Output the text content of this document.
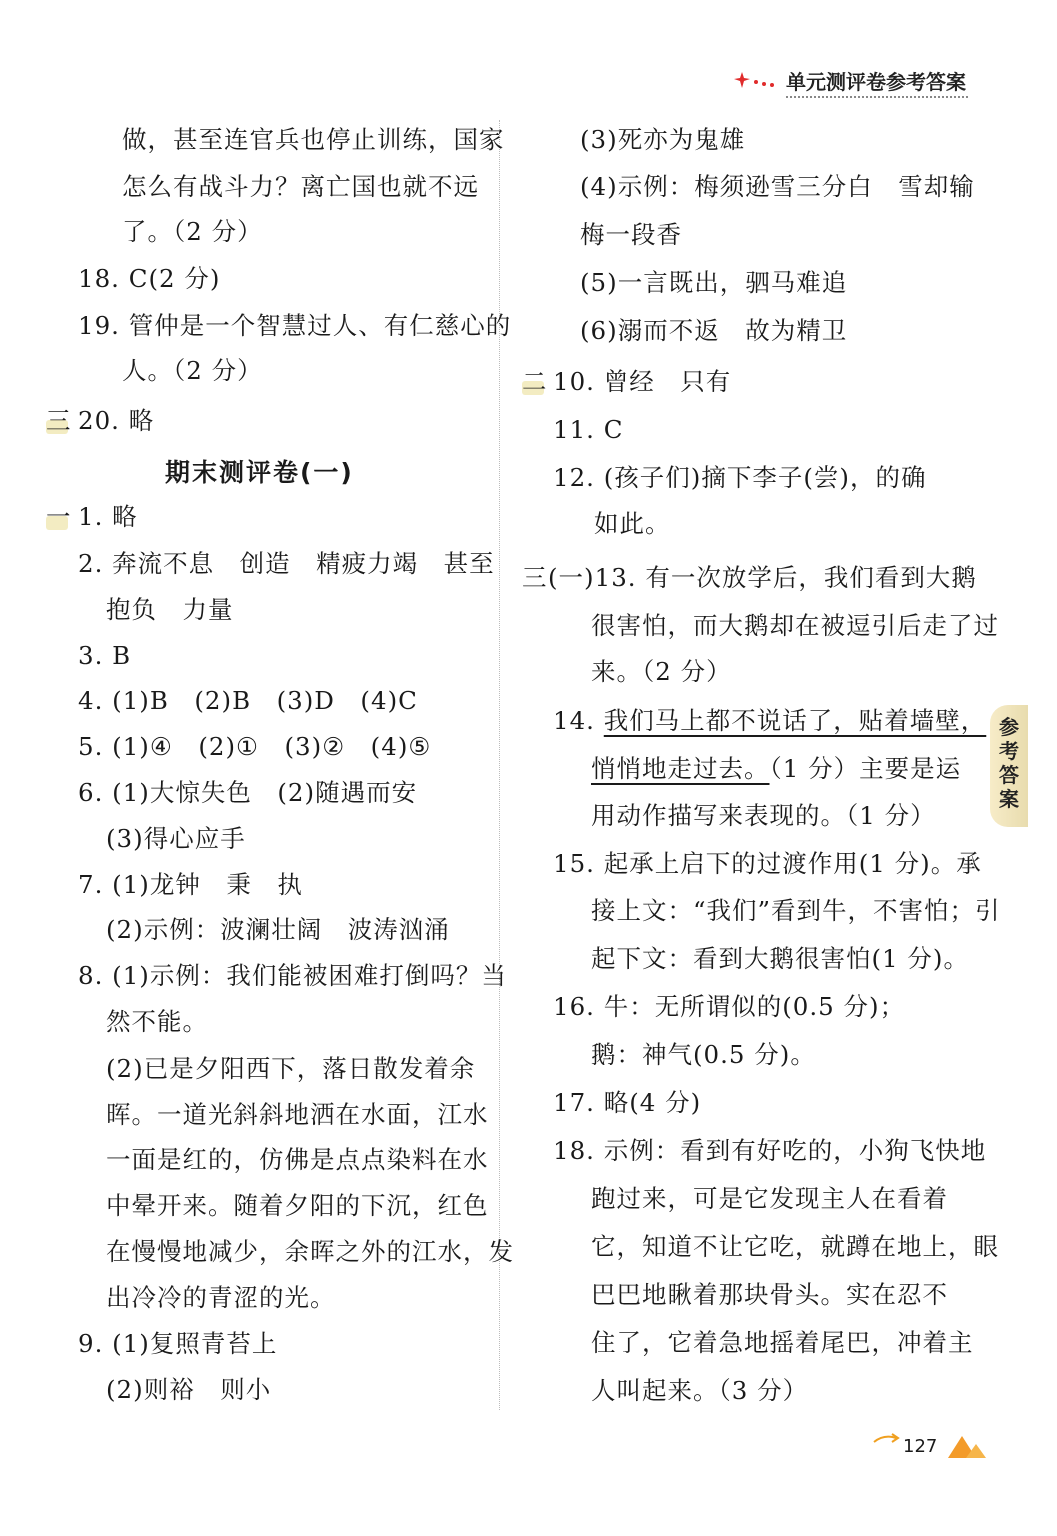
单元测评卷参考答案
做，甚至连官兵也停止训练，国家
怎么有战斗力？离亡国也就不远
了。（2 分）
18. C(2 分)
19. 管仲是一个智慧过人、有仁慈心的
人。（2 分）
三 20. 略
期末测评卷(一)
一 1. 略
2. 奔流不息　创造　精疲力竭　甚至
抱负　力量
3. B
4. (1)B　(2)B　(3)D　(4)C
5. (1)④　(2)①　(3)②　(4)⑤
6. (1)大惊失色　(2)随遇而安
(3)得心应手
7. (1)龙钟　秉　执
(2)示例：波澜壮阔　波涛汹涌
8. (1)示例：我们能被困难打倒吗？当
然不能。
(2)已是夕阳西下，落日散发着余
晖。一道光斜斜地洒在水面，江水
一面是红的，仿佛是点点染料在水
中晕开来。随着夕阳的下沉，红色
在慢慢地减少，余晖之外的江水，发
出冷冷的青涩的光。
9. (1)复照青苔上
(2)则裕　则小
(3)死亦为鬼雄
(4)示例：梅须逊雪三分白　雪却输
梅一段香
(5)一言既出，驷马难追
(6)溺而不返　故为精卫
二 10. 曾经　只有
11. C
12. (孩子们)摘下李子(尝)，的确
如此。
三 (一)13. 有一次放学后，我们看到大鹅
很害怕，而大鹅却在被逗引后走了过
来。（2 分）
14. 我们马上都不说话了，贴着墙壁，
悄悄地走过去。（1 分）主要是运
用动作描写来表现的。（1 分）
15. 起承上启下的过渡作用(1 分)。承
接上文：“我们”看到牛，不害怕；引
起下文：看到大鹅很害怕(1 分)。
16. 牛：无所谓似的(0.5 分)；
鹅：神气(0.5 分)。
17. 略(4 分)
18. 示例：看到有好吃的，小狗飞快地
跑过来，可是它发现主人在看着
它，知道不让它吃，就蹲在地上，眼
巴巴地瞅着那块骨头。实在忍不
住了，它着急地摇着尾巴，冲着主
人叫起来。（3 分）
参考答案
127
